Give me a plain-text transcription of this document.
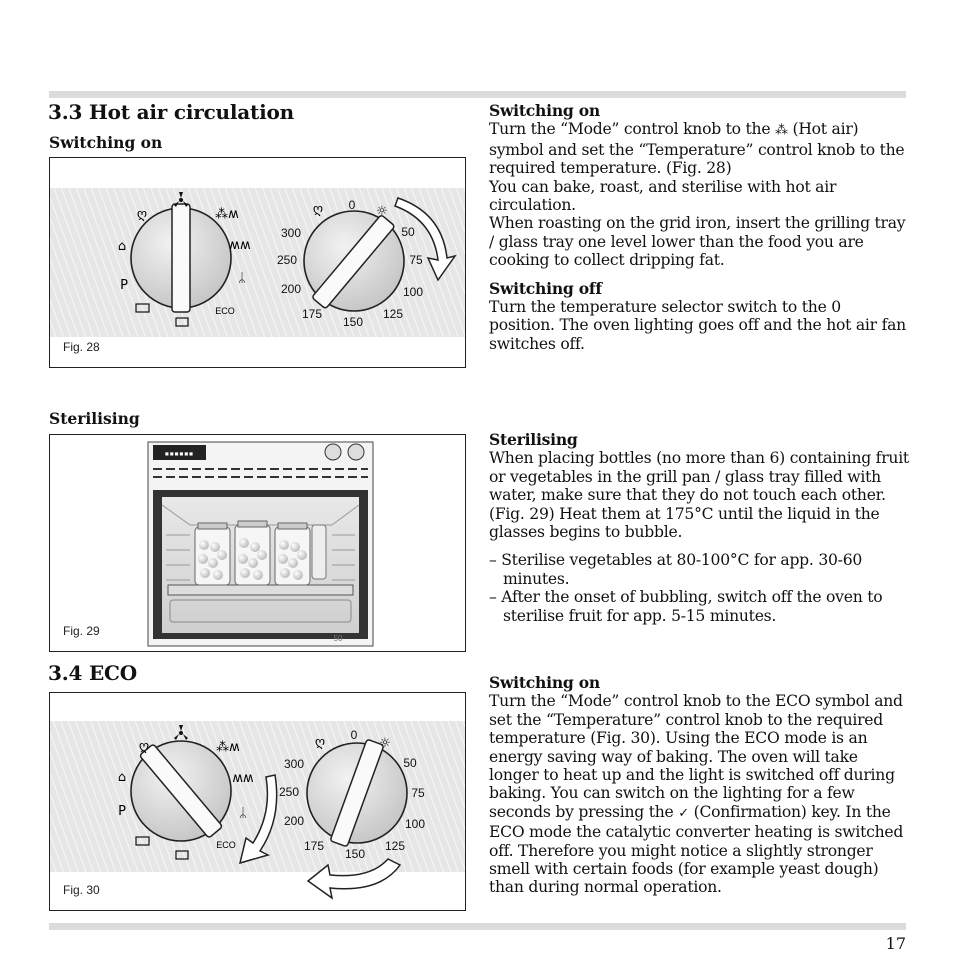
3.3 Hot air circulation
Switching on
ღ
⌂
P
ECO
⁂ʍ
ʍʍ
ᛦ
0
50
75
100
125
150
175
200
250
300
ღ	☼
Fig. 28

Switching on

Turn the “Mode” control knob to the ⁂ (Hot air) symbol and set the “Temperature” control knob to the required temperature. (Fig. 28)

You can bake, roast, and sterilise with hot air circulation.

When roasting on the grid iron, insert the grilling tray / glass tray one level lower than the food you are cooking to collect dripping fat.

Switching off

Turn the temperature selector switch to the 0 position. The oven lighting goes off and the hot air fan switches off.

Sterilising
▪▪▪▪▪▪
50
Fig. 29

Sterilising

When placing bottles (no more than 6) containing fruit or vegetables in the grill pan / glass tray filled with water, make sure that they do not touch each other. (Fig. 29) Heat them at 175°C until the liquid in the glasses begins to bubble.

– Sterilise vegetables at 80-100°C for app. 30-60 minutes.

– After the onset of bubbling, switch off the oven to sterilise fruit for app. 5-15 minutes.

3.4 ECO
ღ
⌂
P
ECO
⁂ʍ
ʍʍ
ᛦ
0
50
75
100
125
150
175
200
250
300
ღ	☼
Fig. 30

Switching on

Turn the “Mode” control knob to the ECO symbol and set the “Temperature” control knob to the required temperature (Fig. 30). Using the ECO mode is an energy saving way of baking. The oven will take longer to heat up and the light is switched off during baking. You can switch on the lighting for a few seconds by pressing the ✓ (Confirmation) key. In the ECO mode the catalytic converter heating is switched off. Therefore you might notice a slightly stronger smell with certain foods (for example yeast dough) than during normal operation.

17
